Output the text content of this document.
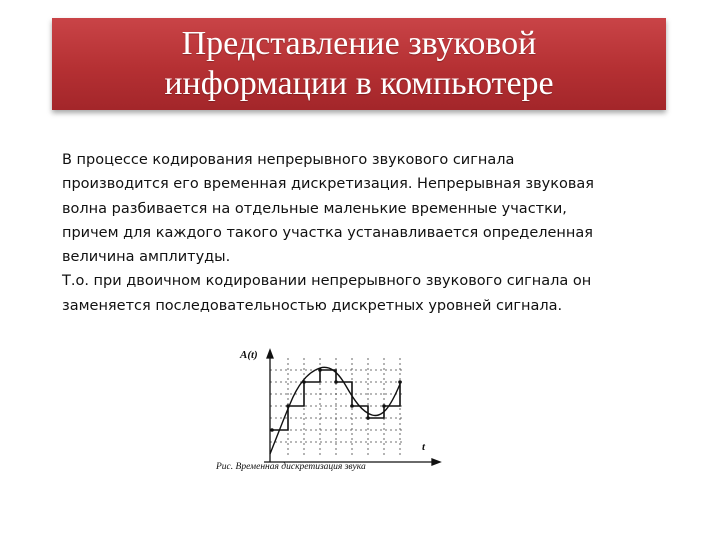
Представление звуковой
информации в компьютере

В процессе кодирования непрерывного звукового сигнала

производится его временная дискретизация. Непрерывная звуковая

волна разбивается на отдельные маленькие временные участки,

причем для каждого такого участка устанавливается определенная

величина амплитуды.

Т.о. при двоичном кодировании непрерывного звукового сигнала он

заменяется последовательностью дискретных уровней сигнала.

A(t)
t
Рис. Временная дискретизация звука
